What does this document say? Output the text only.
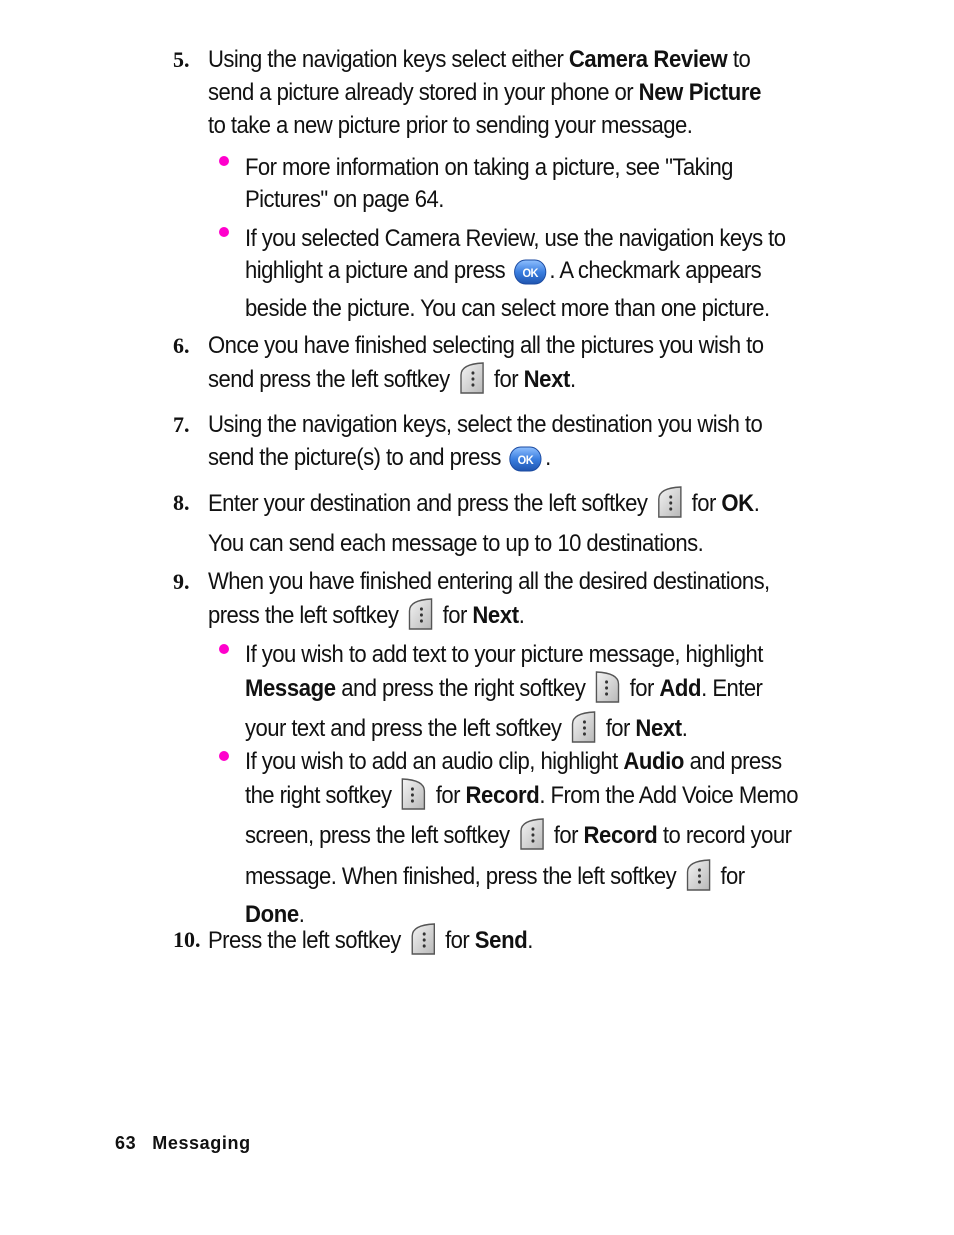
5. Using the navigation keys select either Camera Review to send a picture already stored in your phone or New Picture to take a new picture prior to sending your message.
For more information on taking a picture, see "Taking Pictures" on page 64.
If you selected Camera Review, use the navigation keys to highlight a picture and press OK . A checkmark appears beside the picture. You can select more than one picture.
6. Once you have finished selecting all the pictures you wish to send press the left softkey  for Next.
7. Using the navigation keys, select the destination you wish to send the picture(s) to and press OK .
8. Enter your destination and press the left softkey  for OK. You can send each message to up to 10 destinations.
9. When you have finished entering all the desired destinations, press the left softkey  for Next.
If you wish to add text to your picture message, highlight Message and press the right softkey  for Add. Enter your text and press the left softkey  for Next.
If you wish to add an audio clip, highlight Audio and press the right softkey  for Record. From the Add Voice Memo screen, press the left softkey  for Record to record your message. When finished, press the left softkey  for Done.
10. Press the left softkey  for Send.
63 Messaging
